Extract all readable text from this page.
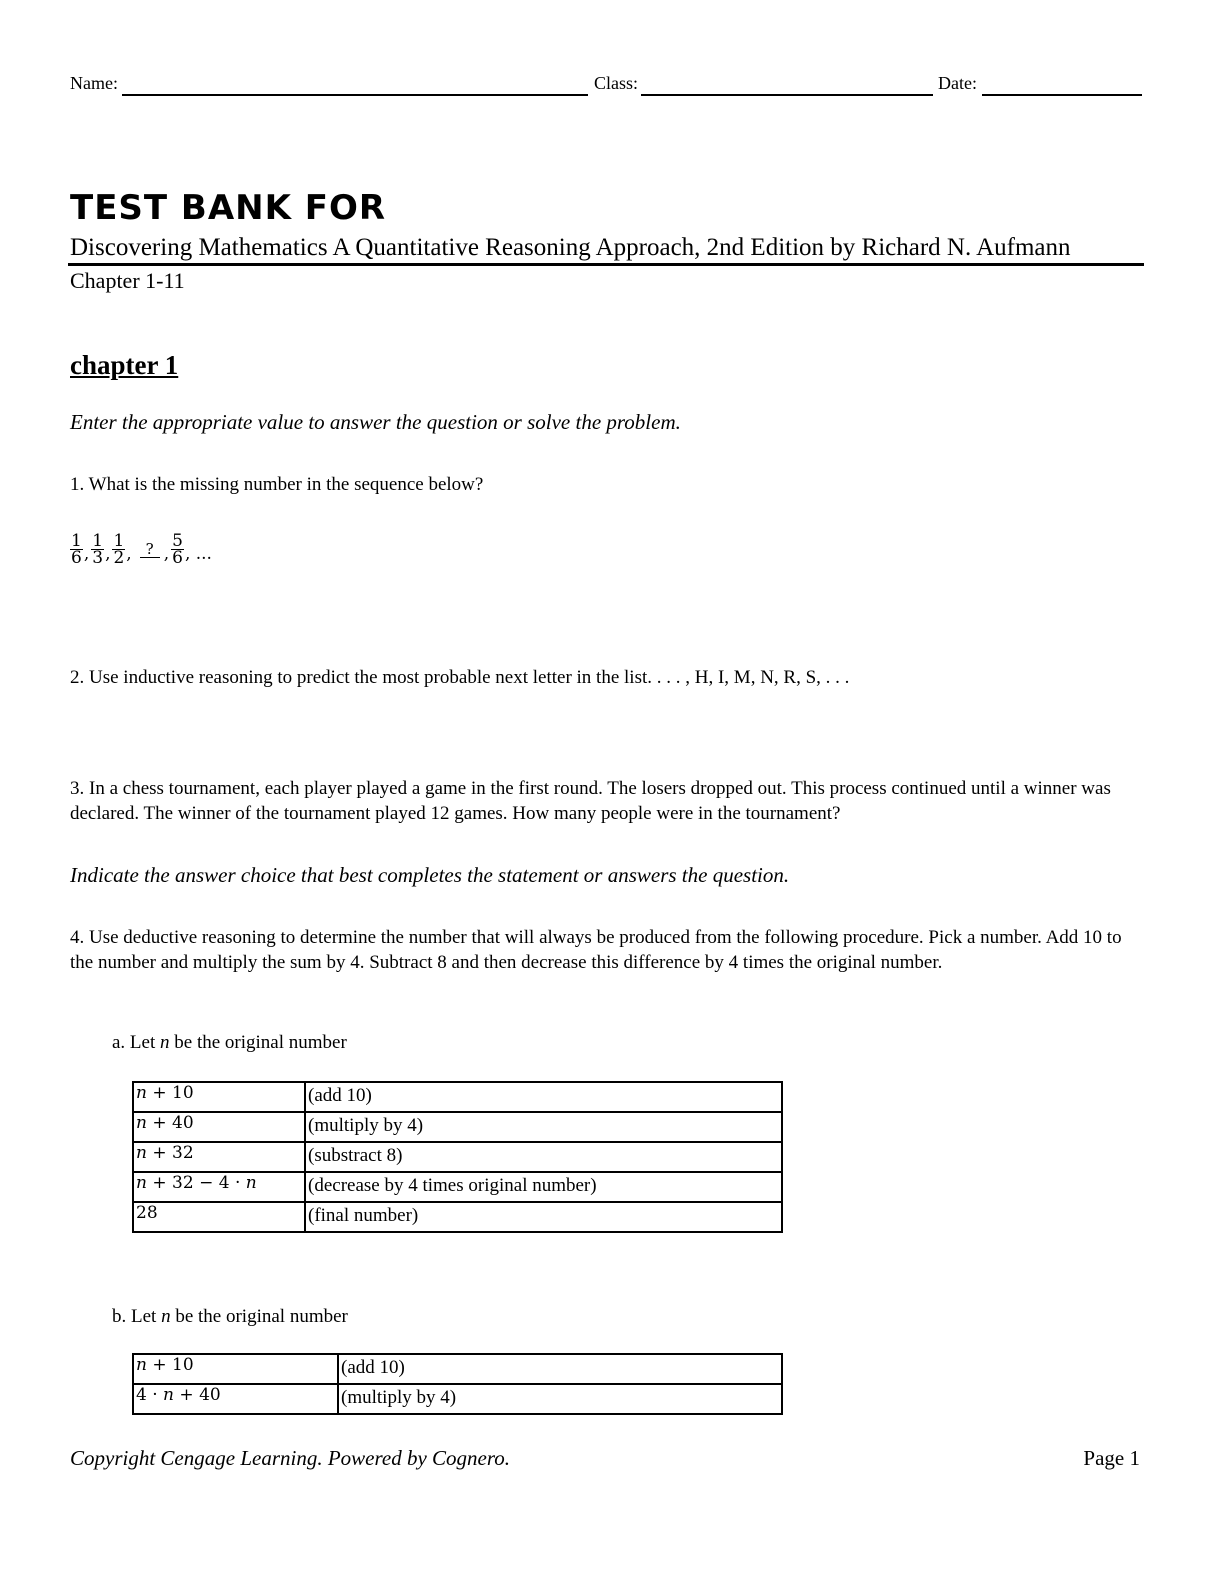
Name:	Class:	Date:
TEST BANK FOR
Discovering Mathematics A Quantitative Reasoning Approach, 2nd Edition by Richard N. Aufmann
Chapter 1-11
chapter 1
Enter the appropriate value to answer the question or solve the problem.
1. What is the missing number in the sequence below?
$\frac{1}{6}$ , $\frac{1}{3}$ , $\frac{1}{2}$ , ? , $\frac{5}{6}$ , ...
2. Use inductive reasoning to predict the most probable next letter in the list. . . . , H, I, M, N, R, S, . . .
3. In a chess tournament, each player played a game in the first round. The losers dropped out. This process continued until a winner was declared. The winner of the tournament played 12 games. How many people were in the tournament?
Indicate the answer choice that best completes the statement or answers the question.
4. Use deductive reasoning to determine the number that will always be produced from the following procedure. Pick a number. Add 10 to the number and multiply the sum by 4. Subtract 8 and then decrease this difference by 4 times the original number.
a. Let n be the original number
n + 10	(add 10)
n + 40	(multiply by 4)
n + 32	(substract 8)
n + 32 − 4 · n	(decrease by 4 times original number)
28	(final number)
b. Let n be the original number
n + 10	(add 10)
4 · n + 40	(multiply by 4)
Copyright Cengage Learning. Powered by Cognero.	Page 1
